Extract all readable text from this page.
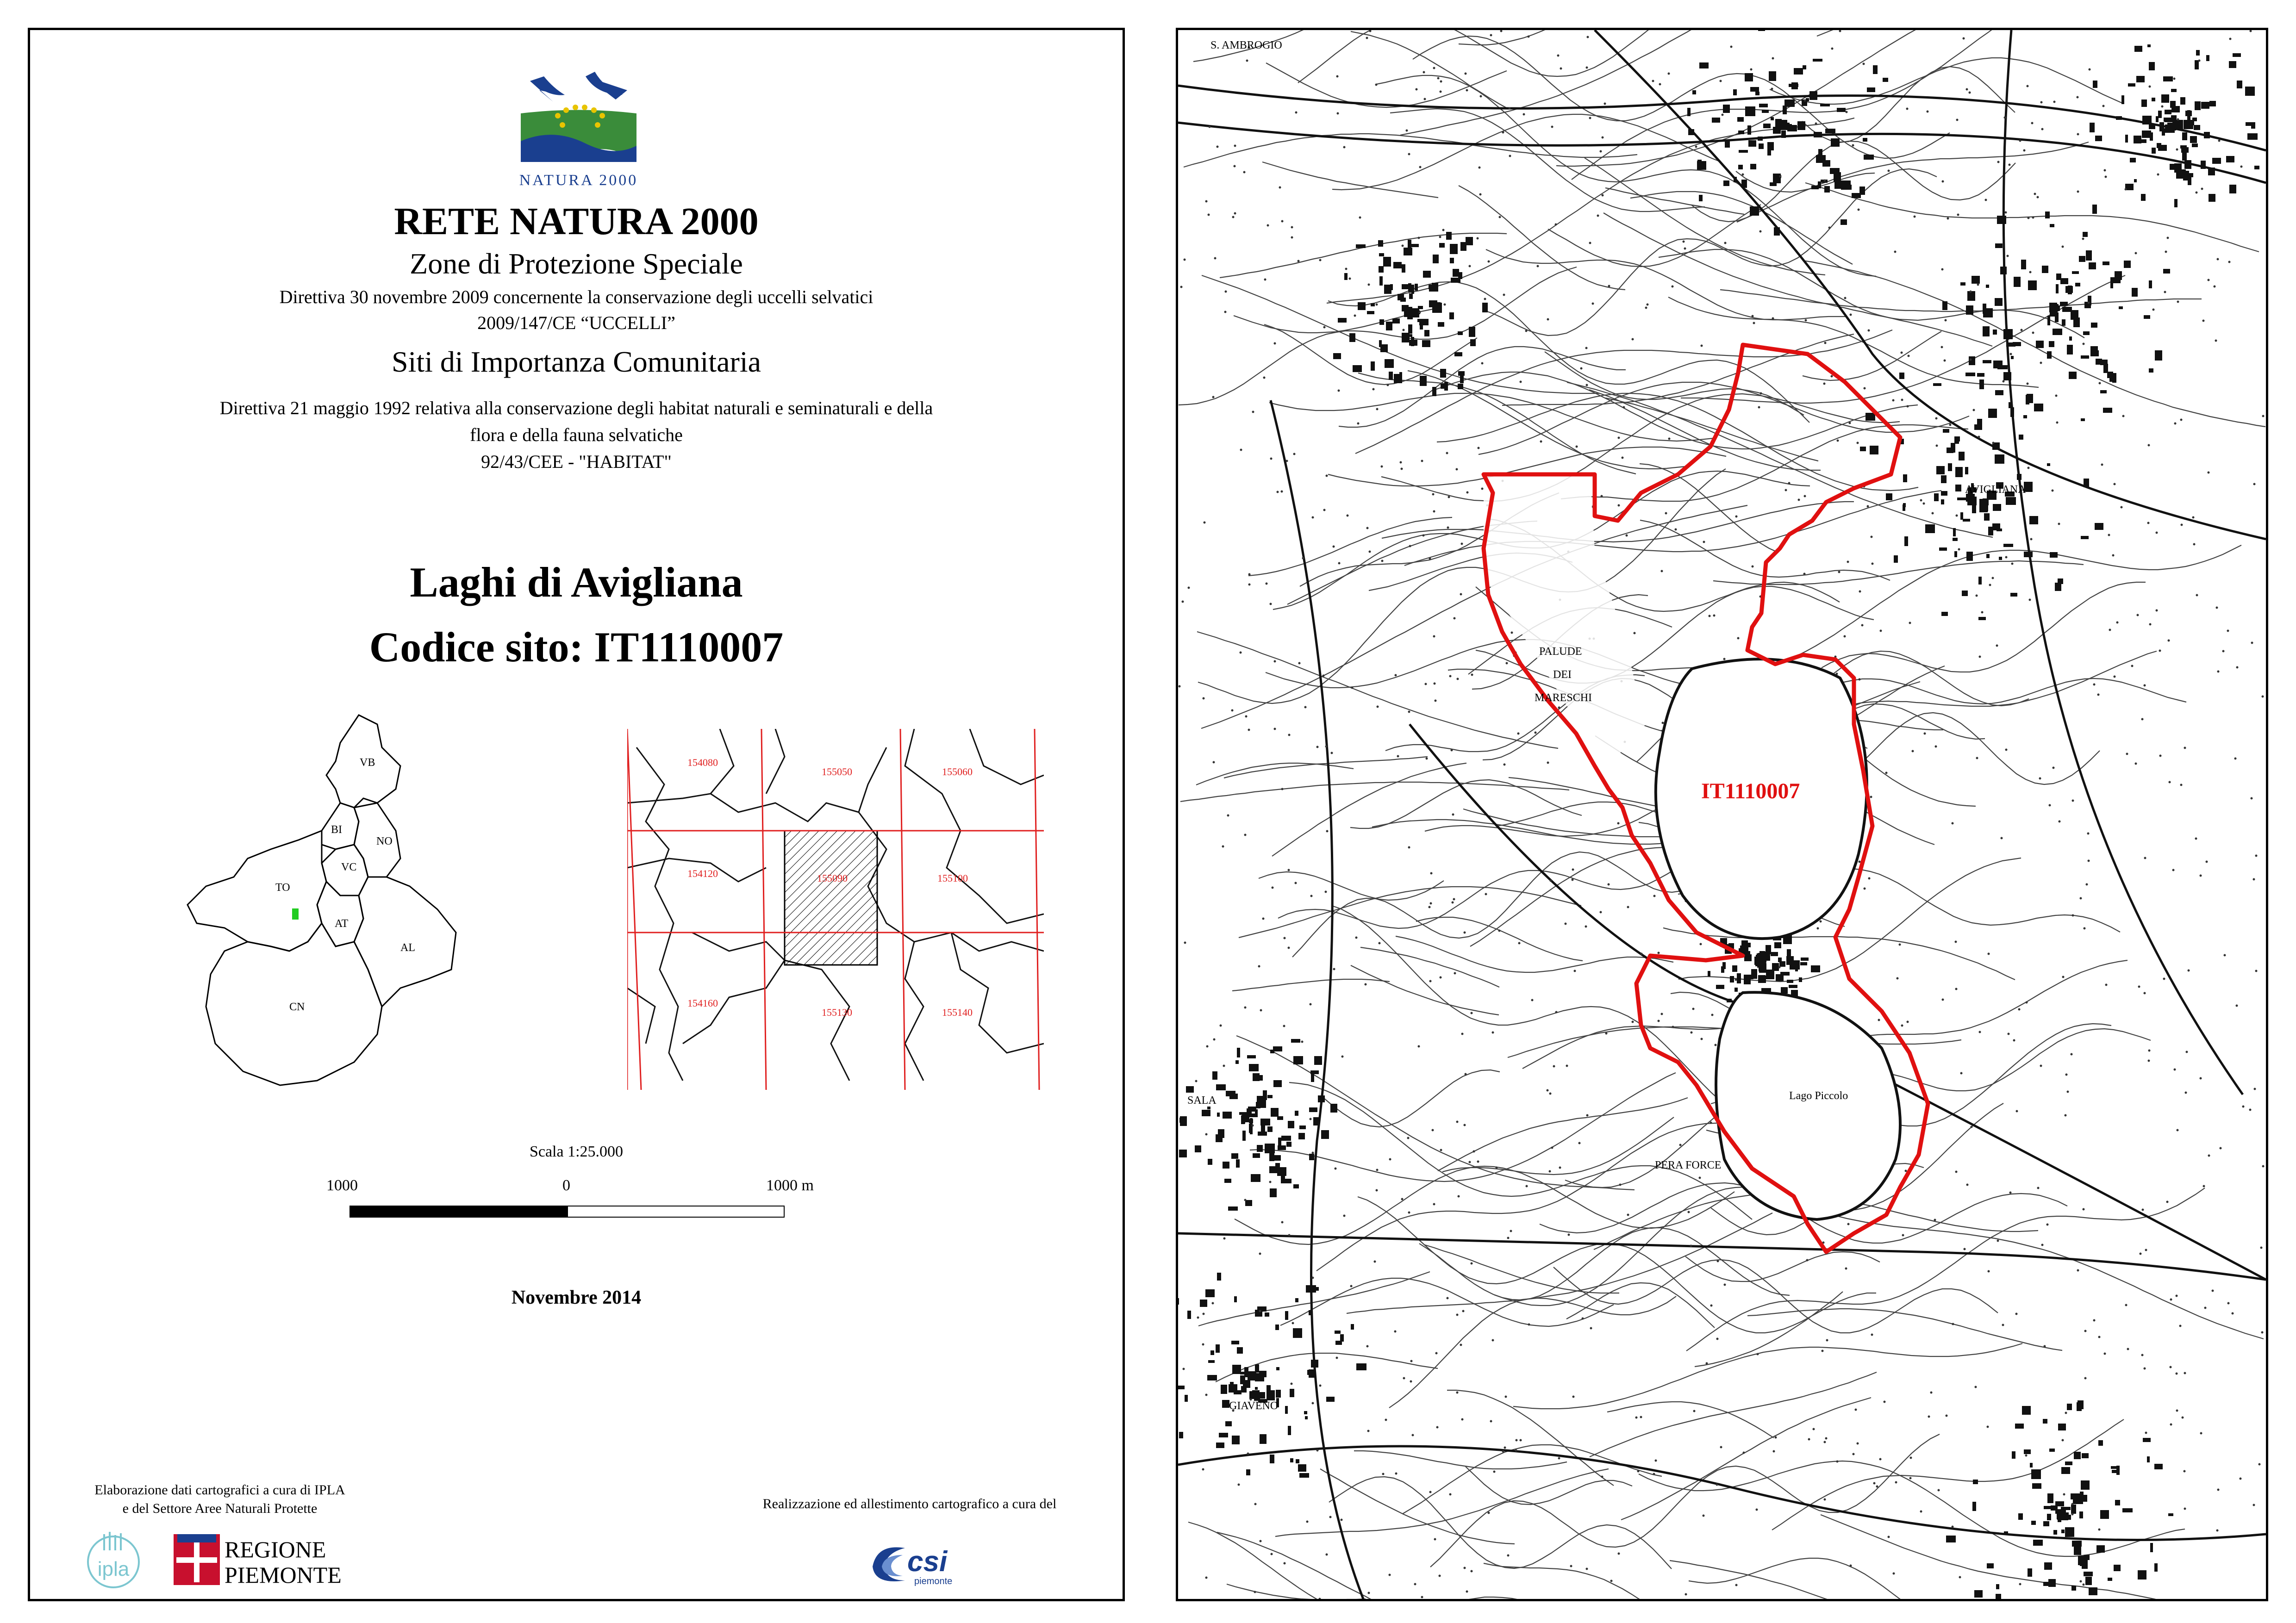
NATURA 2000
RETE NATURA 2000
Zone di Protezione Speciale
Direttiva 30 novembre 2009 concernente la conservazione degli uccelli selvatici
2009/147/CE “UCCELLI”
Siti di Importanza Comunitaria
Direttiva 21 maggio 1992 relativa alla conservazione degli habitat naturali e seminaturali e della
flora e della fauna selvatiche
92/43/CEE - "HABITAT"
Laghi di Avigliana
Codice sito: IT1110007
VB
BI
NO
VC
TO
AT
AL
CN
154080
155050	155060
154120	155090	155100
154160
155130	155140
Scala 1:25.000
1000	0	1000 m
Novembre 2014
Elaborazione dati cartografici a cura di IPLA
e del Settore Aree Naturali Protette	Realizzazione ed allestimento cartografico a cura del
ipla
REGIONE
PIEMONTE	csi
piemonte
IT1110007
S. AMBROGIO
AVIGLIANA
PALUDE
DEI
MARESCHI
Lago Piccolo
PERA FORCE
SALA
GIAVENO
